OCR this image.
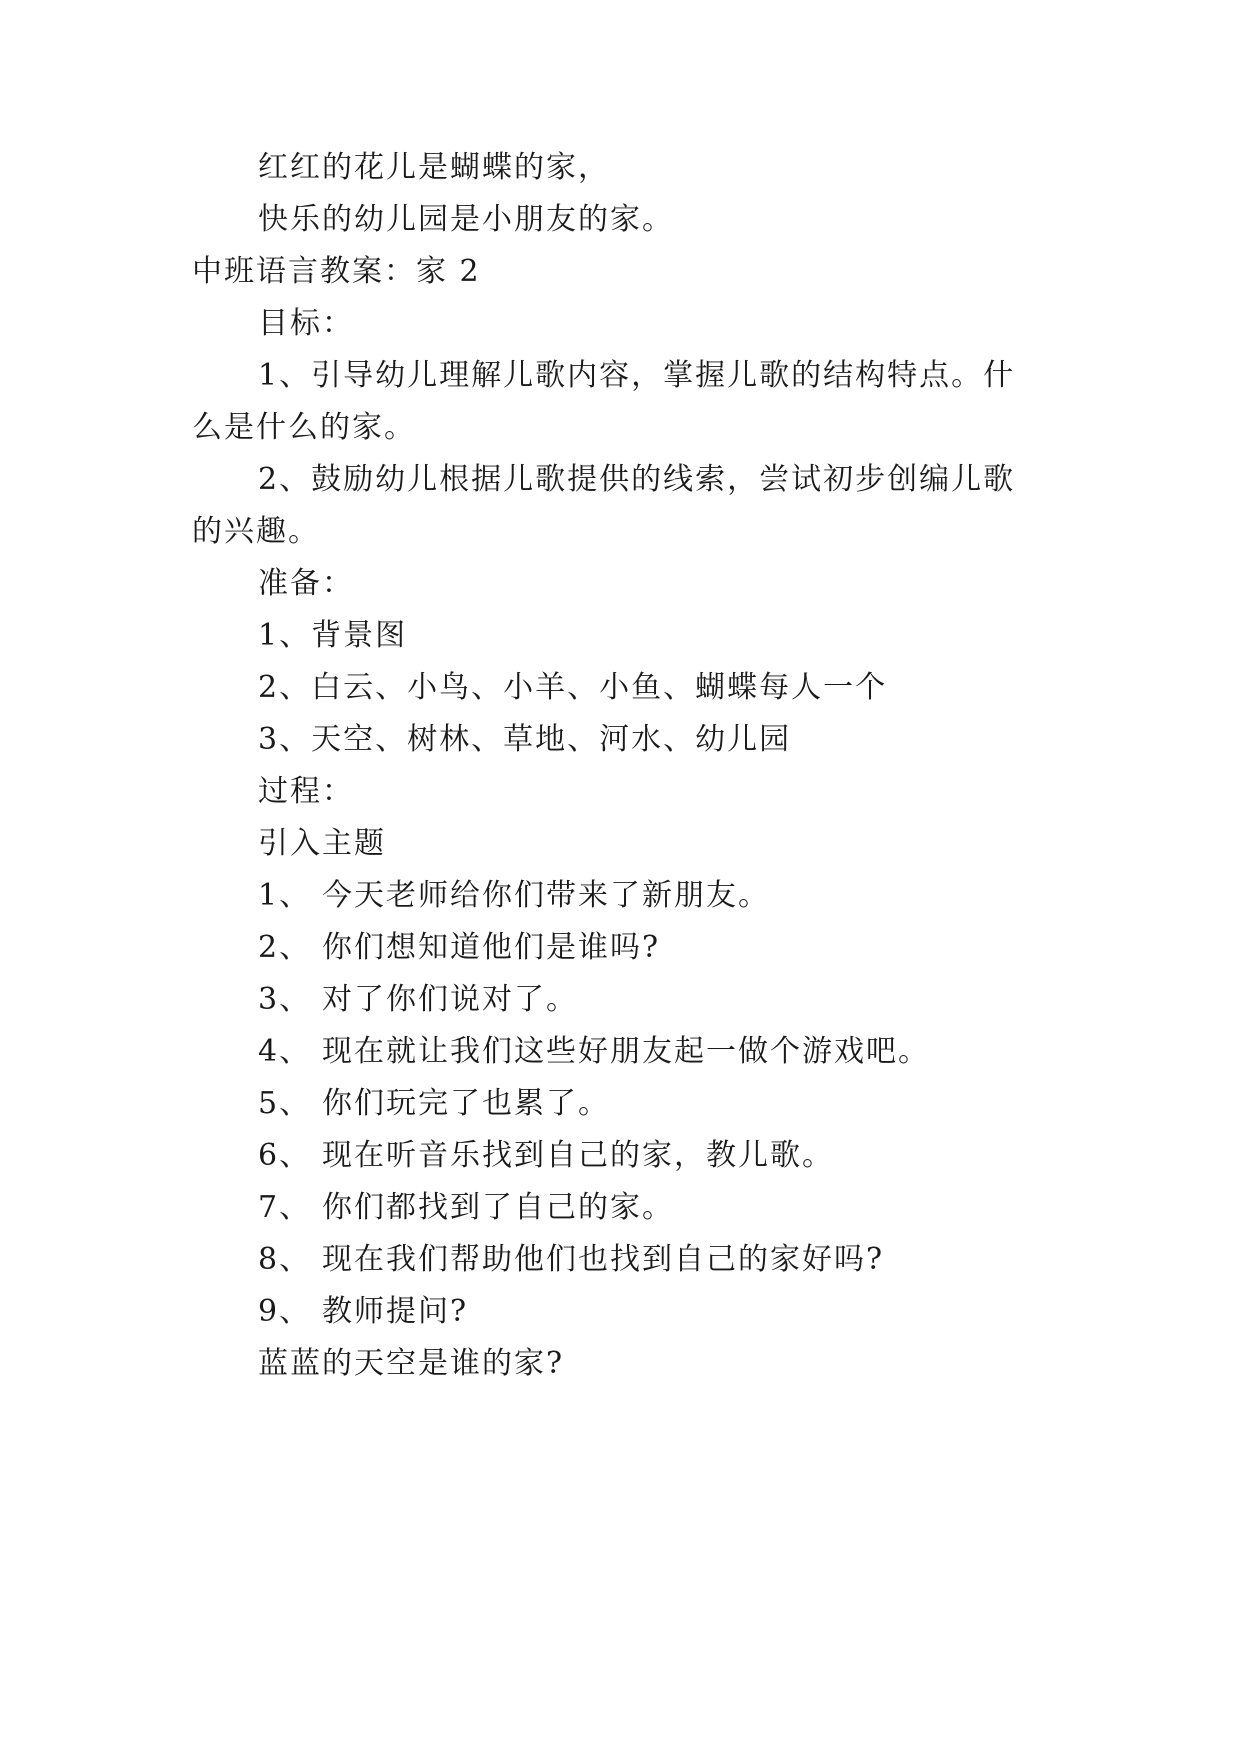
红红的花儿是蝴蝶的家，
快乐的幼儿园是小朋友的家。
中班语言教案：家 2
目标：
1、引导幼儿理解儿歌内容，掌握儿歌的结构特点。什
么是什么的家。
2、鼓励幼儿根据儿歌提供的线索，尝试初步创编儿歌
的兴趣。
准备：
1、背景图
2、白云、小鸟、小羊、小鱼、蝴蝶每人一个
3、天空、树林、草地、河水、幼儿园
过程：
引入主题
1、 今天老师给你们带来了新朋友。
2、 你们想知道他们是谁吗?
3、 对了你们说对了。
4、 现在就让我们这些好朋友起一做个游戏吧。
5、 你们玩完了也累了。
6、 现在听音乐找到自己的家，教儿歌。
7、 你们都找到了自己的家。
8、 现在我们帮助他们也找到自己的家好吗?
9、 教师提问?
蓝蓝的天空是谁的家?
